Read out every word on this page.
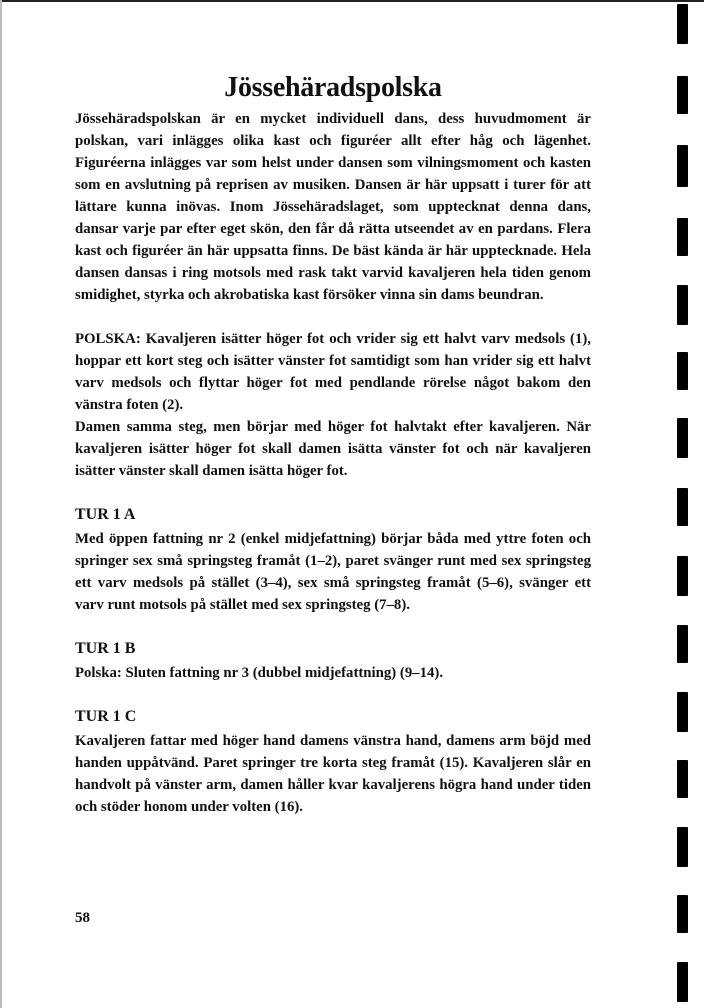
Jössehäradspolska

Jössehäradspolskan är en mycket individuell dans, dess huvudmoment är polskan, vari inlägges olika kast och figuréer allt efter håg och lägenhet. Figuréerna inlägges var som helst under dansen som vilningsmoment och kasten som en avslutning på reprisen av musiken. Dansen är här uppsatt i turer för att lättare kunna inövas. Inom Jössehäradslaget, som upptecknat denna dans, dansar varje par efter eget skön, den får då rätta utseendet av en pardans. Flera kast och figuréer än här uppsatta finns. De bäst kända är här upptecknade. Hela dansen dansas i ring motsols med rask takt varvid kavaljeren hela tiden genom smidighet, styrka och akrobatiska kast försöker vinna sin dams beundran.

POLSKA: Kavaljeren isätter höger fot och vrider sig ett halvt varv medsols (1), hoppar ett kort steg och isätter vänster fot samtidigt som han vrider sig ett halvt varv medsols och flyttar höger fot med pendlande rörelse något bakom den vänstra foten (2).

Damen samma steg, men börjar med höger fot halvtakt efter kavaljeren. När kavaljeren isätter höger fot skall damen isätta vänster fot och när kavaljeren isätter vänster skall damen isätta höger fot.

TUR 1 A

Med öppen fattning nr 2 (enkel midjefattning) börjar båda med yttre foten och springer sex små springsteg framåt (1–2), paret svänger runt med sex springsteg ett varv medsols på stället (3–4), sex små springsteg framåt (5–6), svänger ett varv runt motsols på stället med sex springsteg (7–8).

TUR 1 B

Polska: Sluten fattning nr 3 (dubbel midjefattning) (9–14).

TUR 1 C

Kavaljeren fattar med höger hand damens vänstra hand, damens arm böjd med handen uppåtvänd. Paret springer tre korta steg framåt (15). Kavaljeren slår en handvolt på vänster arm, damen håller kvar kavaljerens högra hand under tiden och stöder honom under volten (16).

58
